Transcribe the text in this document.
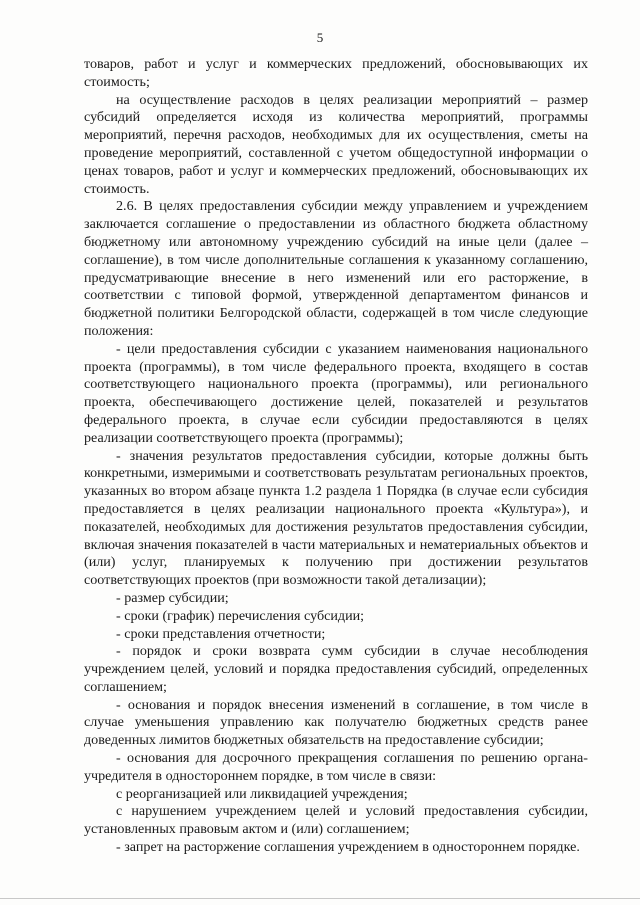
5

товаров, работ и услуг и коммерческих предложений, обосновывающих их стоимость;

на осуществление расходов в целях реализации мероприятий – размер субсидий определяется исходя из количества мероприятий, программы мероприятий, перечня расходов, необходимых для их осуществления, сметы на проведение мероприятий, составленной с учетом общедоступной информации о ценах товаров, работ и услуг и коммерческих предложений, обосновывающих их стоимость.

2.6. В целях предоставления субсидии между управлением и учреждением заключается соглашение о предоставлении из областного бюджета областному бюджетному или автономному учреждению субсидий на иные цели (далее – соглашение), в том числе дополнительные соглашения к указанному соглашению, предусматривающие внесение в него изменений или его расторжение, в соответствии с типовой формой, утвержденной департаментом финансов и бюджетной политики Белгородской области, содержащей в том числе следующие положения:

- цели предоставления субсидии с указанием наименования национального проекта (программы), в том числе федерального проекта, входящего в состав соответствующего национального проекта (программы), или регионального проекта, обеспечивающего достижение целей, показателей и результатов федерального проекта, в случае если субсидии предоставляются в целях реализации соответствующего проекта (программы);

- значения результатов предоставления субсидии, которые должны быть конкретными, измеримыми и соответствовать результатам региональных проектов, указанных во втором абзаце пункта 1.2 раздела 1 Порядка (в случае если субсидия предоставляется в целях реализации национального проекта «Культура»), и показателей, необходимых для достижения результатов предоставления субсидии, включая значения показателей в части материальных и нематериальных объектов и (или) услуг, планируемых к получению при достижении результатов соответствующих проектов (при возможности такой детализации);

- размер субсидии;

- сроки (график) перечисления субсидии;

- сроки представления отчетности;

- порядок и сроки возврата сумм субсидии в случае несоблюдения учреждением целей, условий и порядка предоставления субсидий, определенных соглашением;

- основания и порядок внесения изменений в соглашение, в том числе в случае уменьшения управлению как получателю бюджетных средств ранее доведенных лимитов бюджетных обязательств на предоставление субсидии;

- основания для досрочного прекращения соглашения по решению органа-учредителя в одностороннем порядке, в том числе в связи:

с реорганизацией или ликвидацией учреждения;

с нарушением учреждением целей и условий предоставления субсидии, установленных правовым актом и (или) соглашением;

- запрет на расторжение соглашения учреждением в одностороннем порядке.
